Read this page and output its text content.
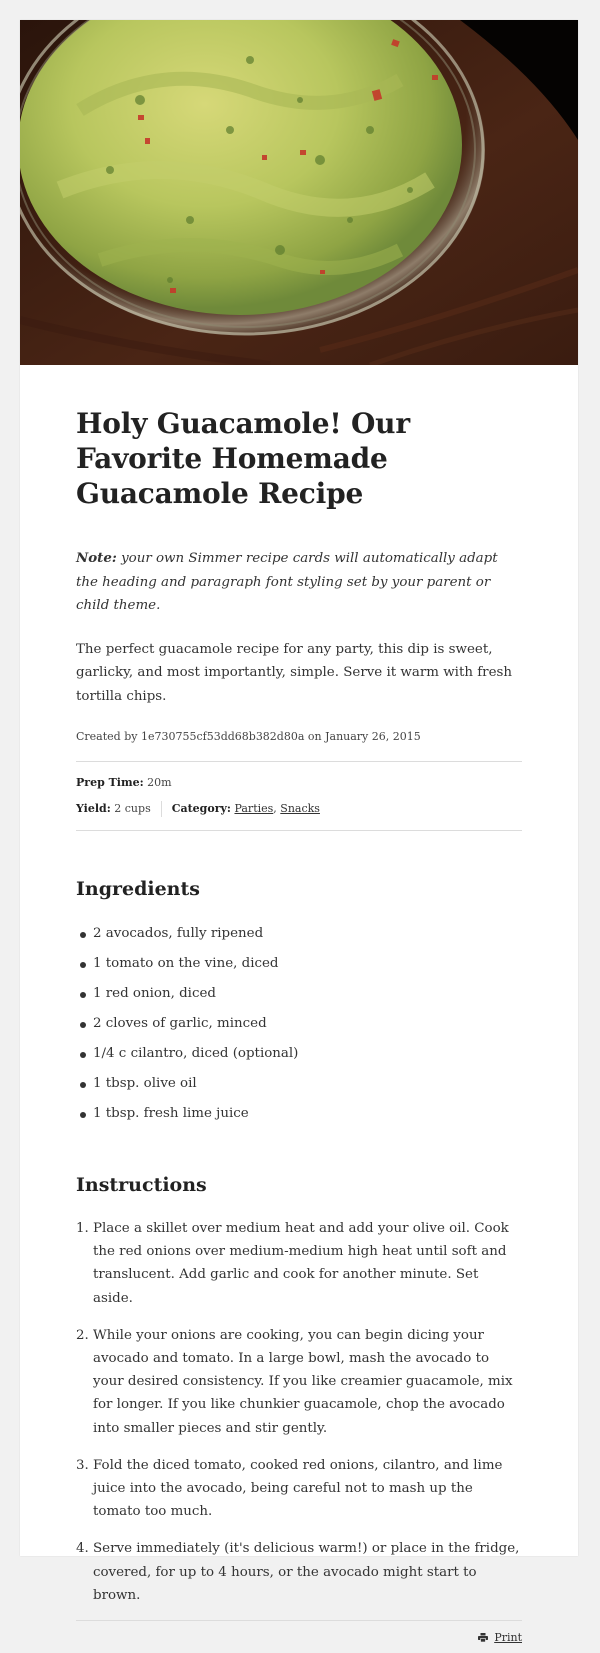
Holy Guacamole! Our Favorite Homemade Guacamole Recipe

Note: your own Simmer recipe cards will automatically adapt the heading and paragraph font styling set by your parent or child theme.

The perfect guacamole recipe for any party, this dip is sweet, garlicky, and most importantly, simple. Serve it warm with fresh tortilla chips.

Created by 1e730755cf53dd68b382d80a on January 26, 2015
Prep Time: 20m
Yield: 2 cups Category: Parties, Snacks
Ingredients
2 avocados, fully ripened
1 tomato on the vine, diced
1 red onion, diced
2 cloves of garlic, minced
1/4 c cilantro, diced (optional)
1 tbsp. olive oil
1 tbsp. fresh lime juice
Instructions
1. Place a skillet over medium heat and add your olive oil. Cook the red onions over medium-medium high heat until soft and translucent. Add garlic and cook for another minute. Set aside.
2. While your onions are cooking, you can begin dicing your avocado and tomato. In a large bowl, mash the avocado to your desired consistency. If you like creamier guacamole, mix for longer. If you like chunkier guacamole, chop the avocado into smaller pieces and stir gently.
3. Fold the diced tomato, cooked red onions, cilantro, and lime juice into the avocado, being careful not to mash up the tomato too much.
4. Serve immediately (it's delicious warm!) or place in the fridge, covered, for up to 4 hours, or the avocado might start to brown.
Print
